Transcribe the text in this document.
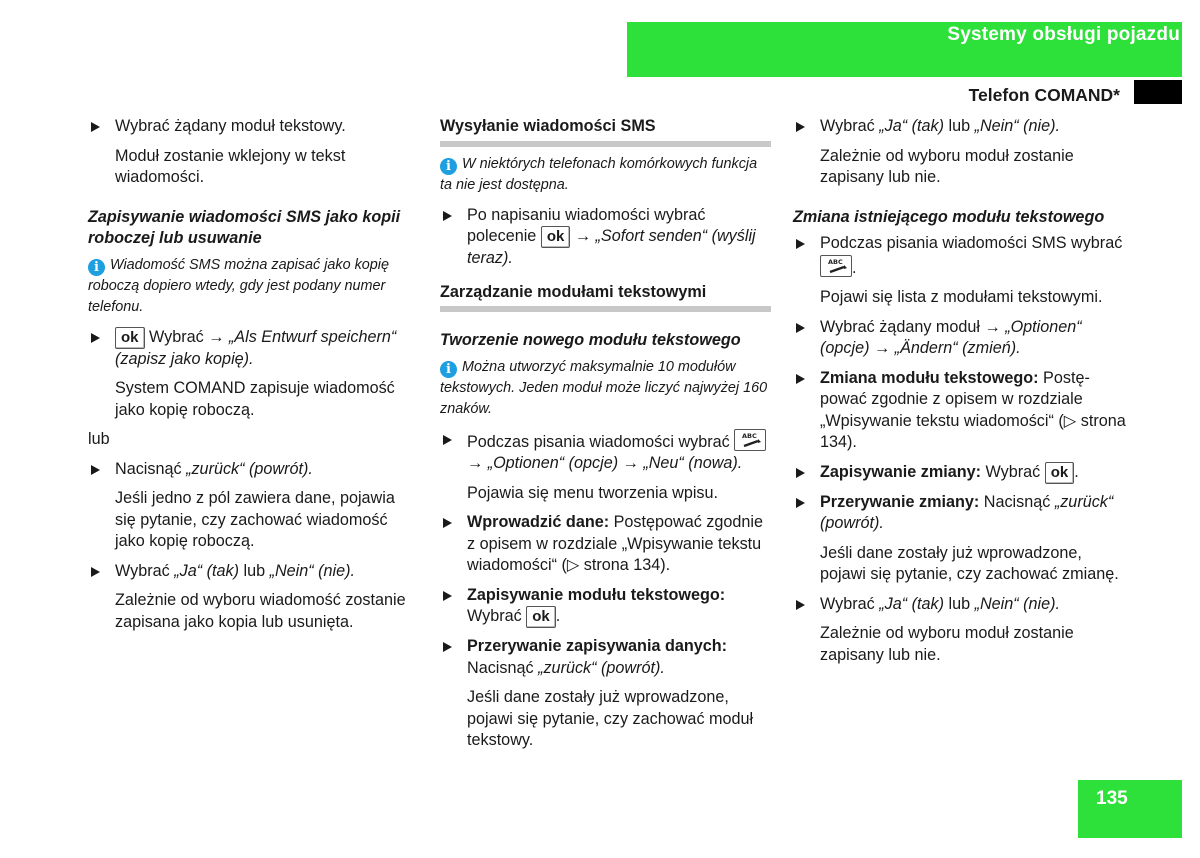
Systemy obsługi pojazdu
Telefon COMAND*
Wybrać żądany moduł tekstowy.
Moduł zostanie wklejony w tekst wiadomości.
Zapisywanie wiadomości SMS jako kopii roboczej lub usuwanie
i Wiadomość SMS można zapisać jako kopię roboczą dopiero wtedy, gdy jest podany numer telefonu.
ok Wybrać → „Als Entwurf speichern“ (zapisz jako kopię).
System COMAND zapisuje wiadomość jako kopię roboczą.
lub
Nacisnąć „zurück“ (powrót).
Jeśli jedno z pól zawiera dane, pojawia się pytanie, czy zachować wiadomość jako kopię roboczą.
Wybrać „Ja“ (tak) lub „Nein“ (nie).
Zależnie od wyboru wiadomość zostanie zapisana jako kopia lub usunięta.
Wysyłanie wiadomości SMS
i W niektórych telefonach komórkowych funkcja ta nie jest dostępna.
Po napisaniu wiadomości wybrać polecenie ok → „Sofort senden“ (wyślij teraz).
Zarządzanie modułami tekstowymi
Tworzenie nowego modułu tekstowego
i Można utworzyć maksymalnie 10 modułów tekstowych. Jeden moduł może liczyć najwyżej 160 znaków.
Podczas pisania wiadomości wybrać ABC
→ „Optionen“ (opcje) → „Neu“ (nowa).
Pojawia się menu tworzenia wpisu.
Wprowadzić dane: Postępować zgodnie z opisem w rozdziale „Wpisywanie tekstu wiadomości“ (▷ strona 134).
Zapisywanie modułu tekstowego: Wybrać ok .
Przerywanie zapisywania danych: Nacisnąć „zurück“ (powrót).
Jeśli dane zostały już wprowadzone, pojawi się pytanie, czy zachować moduł tekstowy.
Wybrać „Ja“ (tak) lub „Nein“ (nie).
Zależnie od wyboru moduł zostanie zapisany lub nie.
Zmiana istniejącego modułu tekstowego
Podczas pisania wiadomości SMS wybrać
ABC .
Pojawi się lista z modułami tekstowymi.
Wybrać żądany moduł → „Optionen“ (opcje) → „Ändern“ (zmień).
Zmiana modułu tekstowego: Postępować zgodnie z opisem w rozdziale „Wpisywanie tekstu wiadomości“ (▷ strona 134).
Zapisywanie zmiany: Wybrać ok .
Przerywanie zmiany: Nacisnąć „zurück“ (powrót).
Jeśli dane zostały już wprowadzone, pojawi się pytanie, czy zachować zmianę.
Wybrać „Ja“ (tak) lub „Nein“ (nie).
Zależnie od wyboru moduł zostanie zapisany lub nie.
135
